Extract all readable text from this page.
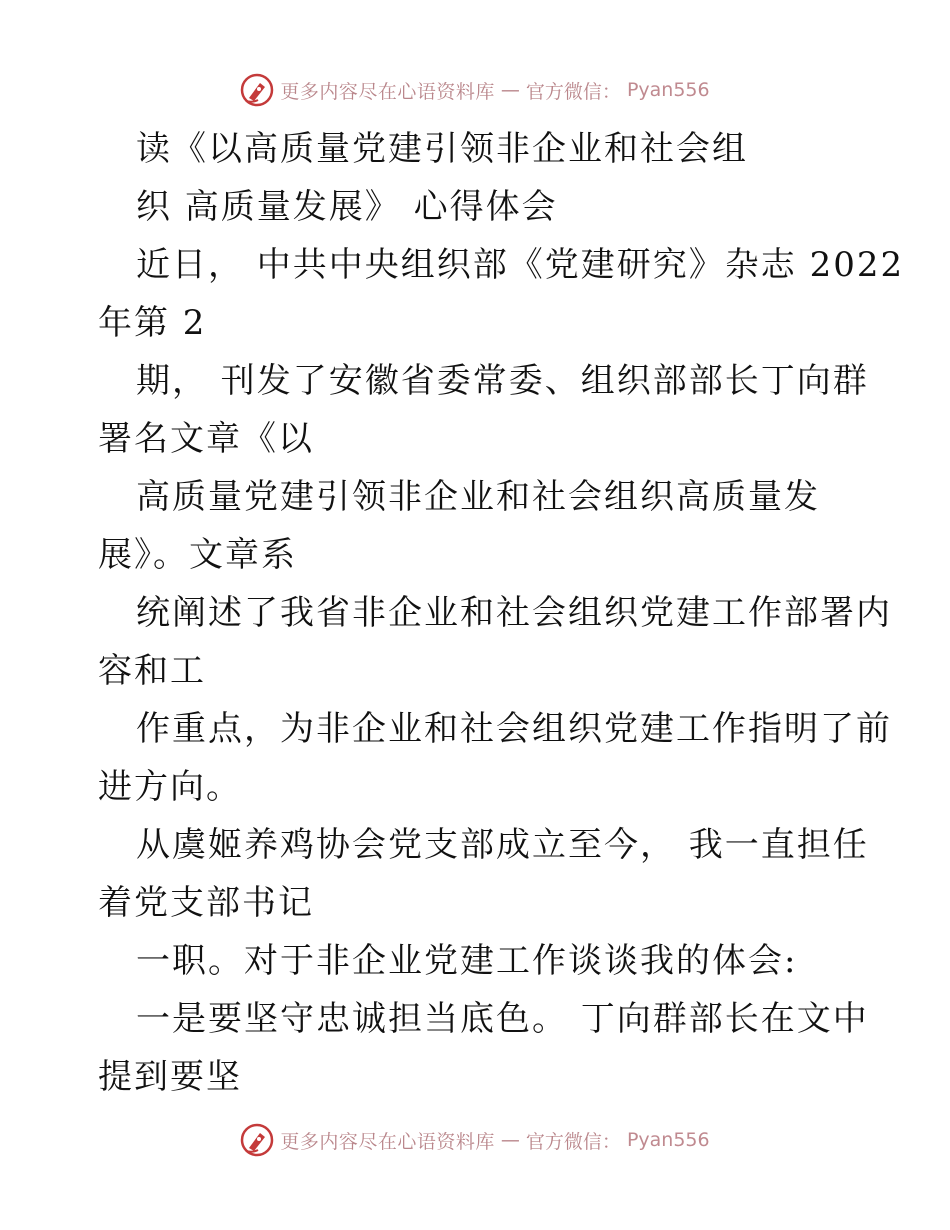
更多内容尽在心语资料库 — 官方微信： Pyan556
读《以高质量党建引领非企业和社会组
织 高质量发展》 心得体会
近日， 中共中央组织部《党建研究》杂志 2022
年第 2
期， 刊发了安徽省委常委、组织部部长丁向群
署名文章《以
高质量党建引领非企业和社会组织高质量发
展》。文章系
统阐述了我省非企业和社会组织党建工作部署内
容和工
作重点，为非企业和社会组织党建工作指明了前
进方向。
从虞姬养鸡协会党支部成立至今， 我一直担任
着党支部书记
一职。对于非企业党建工作谈谈我的体会:
一是要坚守忠诚担当底色。 丁向群部长在文中
提到要坚
更多内容尽在心语资料库 — 官方微信： Pyan556
